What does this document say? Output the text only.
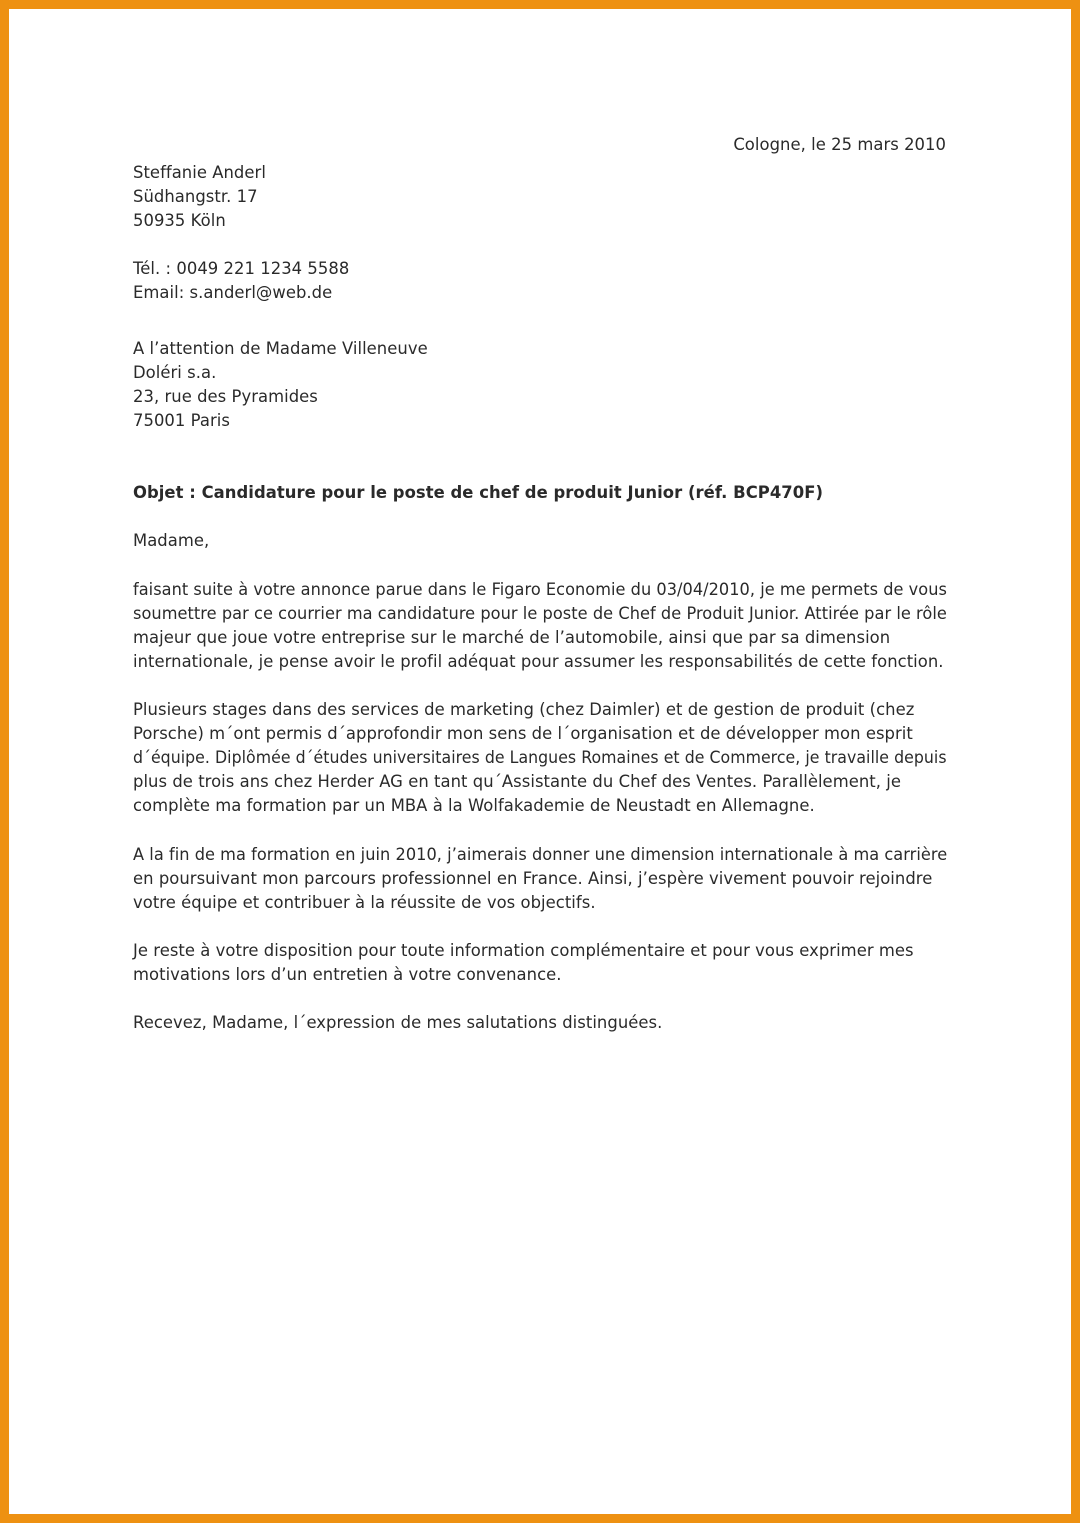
Cologne, le 25 mars 2010
Steffanie Anderl
Südhangstr. 17
50935 Köln
Tél. : 0049 221 1234 5588
Email: s.anderl@web.de
A l’attention de Madame Villeneuve
Doléri s.a.
23, rue des Pyramides
75001 Paris
Objet : Candidature pour le poste de chef de produit Junior (réf. BCP470F)
Madame,
faisant suite à votre annonce parue dans le Figaro Economie du 03/04/2010, je me permets de vous
soumettre par ce courrier ma candidature pour le poste de Chef de Produit Junior. Attirée par le rôle
majeur que joue votre entreprise sur le marché de l’automobile, ainsi que par sa dimension
internationale, je pense avoir le profil adéquat pour assumer les responsabilités de cette fonction.
Plusieurs stages dans des services de marketing (chez Daimler) et de gestion de produit (chez
Porsche) m´ont permis d´approfondir mon sens de l´organisation et de développer mon esprit
d´équipe. Diplômée d´études universitaires de Langues Romaines et de Commerce, je travaille depuis
plus de trois ans chez Herder AG en tant qu´Assistante du Chef des Ventes. Parallèlement, je
complète ma formation par un MBA à la Wolfakademie de Neustadt en Allemagne.
A la fin de ma formation en juin 2010, j’aimerais donner une dimension internationale à ma carrière
en poursuivant mon parcours professionnel en France. Ainsi, j’espère vivement pouvoir rejoindre
votre équipe et contribuer à la réussite de vos objectifs.
Je reste à votre disposition pour toute information complémentaire et pour vous exprimer mes
motivations lors d’un entretien à votre convenance.
Recevez, Madame, l´expression de mes salutations distinguées.
